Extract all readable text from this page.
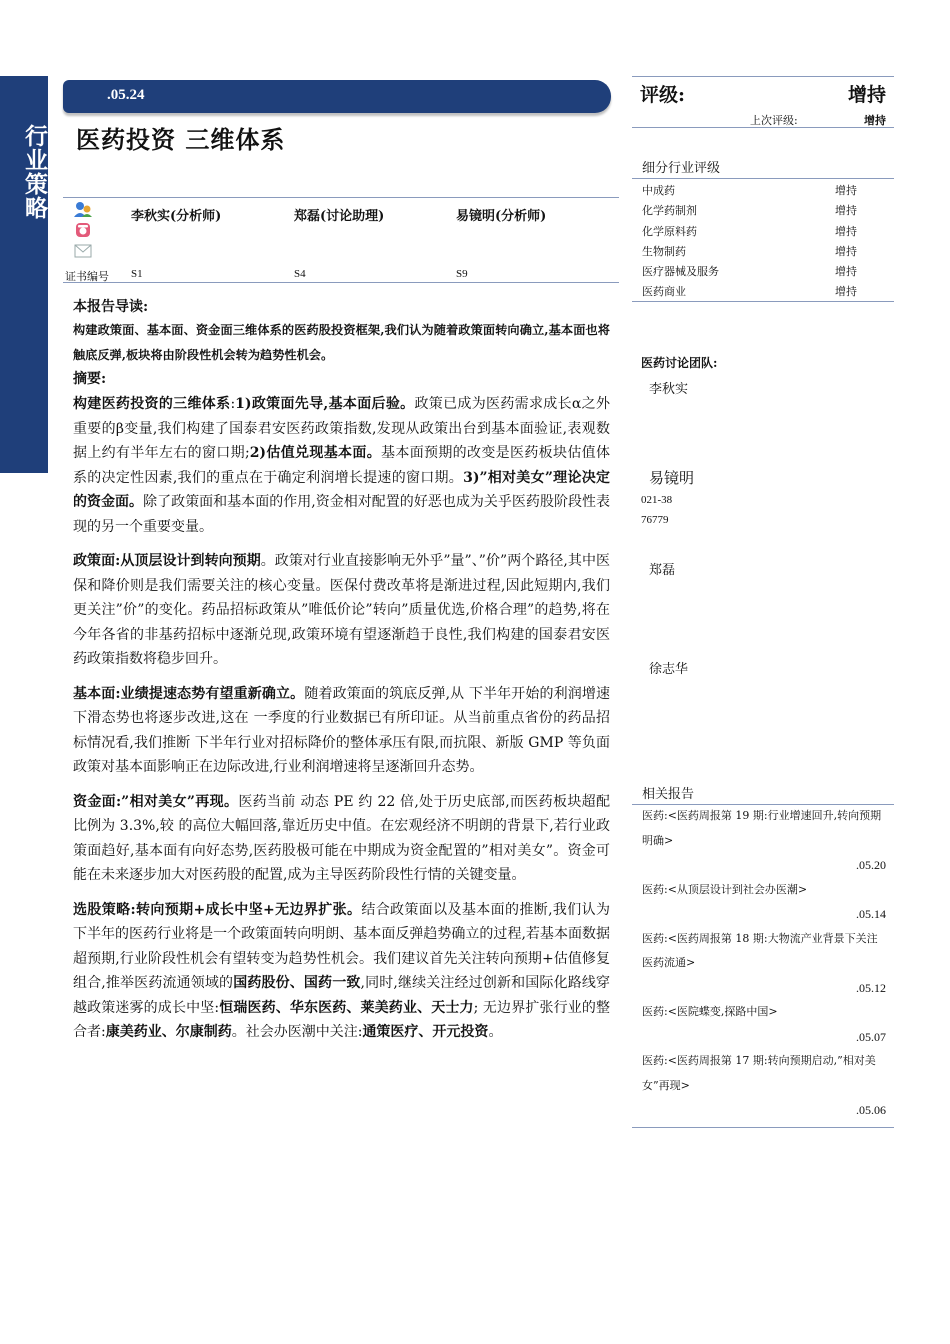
行业策略
.05.24
医药投资 三维体系
李秋实(分析师)	郑磊(讨论助理)	易镜明(分析师)
证书编号 S1	S4	S9
本报告导读:
构建政策面、基本面、资金面三维体系的医药股投资框架,我们认为随着政策面转向确立,基本面也将触底反弹,板块将由阶段性机会转为趋势性机会。
摘要:
构建医药投资的三维体系:1)政策面先导,基本面后验。政策已成为医药需求成长α之外重要的β变量,我们构建了国泰君安医药政策指数,发现从政策出台到基本面验证,表观数据上约有半年左右的窗口期;2)估值兑现基本面。基本面预期的改变是医药板块估值体系的决定性因素,我们的重点在于确定利润增长提速的窗口期。3)”相对美女”理论决定的资金面。除了政策面和基本面的作用,资金相对配置的好恶也成为关乎医药股阶段性表现的另一个重要变量。
政策面:从顶层设计到转向预期。政策对行业直接影响无外乎”量”、”价”两个路径,其中医保和降价则是我们需要关注的核心变量。医保付费改革将是渐进过程,因此短期内,我们更关注”价”的变化。药品招标政策从”唯低价论”转向”质量优选,价格合理”的趋势,将在今年各省的非基药招标中逐渐兑现,政策环境有望逐渐趋于良性,我们构建的国泰君安医药政策指数将稳步回升。
基本面:业绩提速态势有望重新确立。随着政策面的筑底反弹,从 下半年开始的利润增速下滑态势也将逐步改进,这在 一季度的行业数据已有所印证。从当前重点省份的药品招标情况看,我们推断 下半年行业对招标降价的整体承压有限,而抗限、新版 GMP 等负面政策对基本面影响正在边际改进,行业利润增速将呈逐渐回升态势。
资金面:”相对美女”再现。医药当前 动态 PE 约 22 倍,处于历史底部,而医药板块超配比例为 3.3%,较 的高位大幅回落,靠近历史中值。在宏观经济不明朗的背景下,若行业政策面趋好,基本面有向好态势,医药股极可能在中期成为资金配置的”相对美女”。资金可能在未来逐步加大对医药股的配置,成为主导医药阶段性行情的关键变量。
选股策略:转向预期+成长中坚+无边界扩张。结合政策面以及基本面的推断,我们认为 下半年的医药行业将是一个政策面转向明朗、基本面反弹趋势确立的过程,若基本面数据超预期,行业阶段性机会有望转变为趋势性机会。我们建议首先关注转向预期+估值修复组合,推举医药流通领域的国药股份、国药一致,同时,继续关注经过创新和国际化路线穿越政策迷雾的成长中坚:恒瑞医药、华东医药、莱美药业、天士力; 无边界扩张行业的整合者:康美药业、尔康制药。社会办医潮中关注:通策医疗、开元投资。
评级:	增持
上次评级:	增持
细分行业评级
中成药	增持
化学药制剂	增持
化学原料药	增持
生物制药	增持
医疗器械及服务	增持
医药商业	增持
医药讨论团队:
李秋实
易镜明
021-38
76779
郑磊
徐志华
相关报告
医药:<医药周报第 19 期:行业增速回升,转向预期明确>
.05.20
医药:<从顶层设计到社会办医潮>
.05.14
医药:<医药周报第 18 期:大物流产业背景下关注医药流通>
.05.12
医药:<医院蝶变,探路中国>
.05.07
医药:<医药周报第 17 期:转向预期启动,”相对美女”再现>
.05.06
